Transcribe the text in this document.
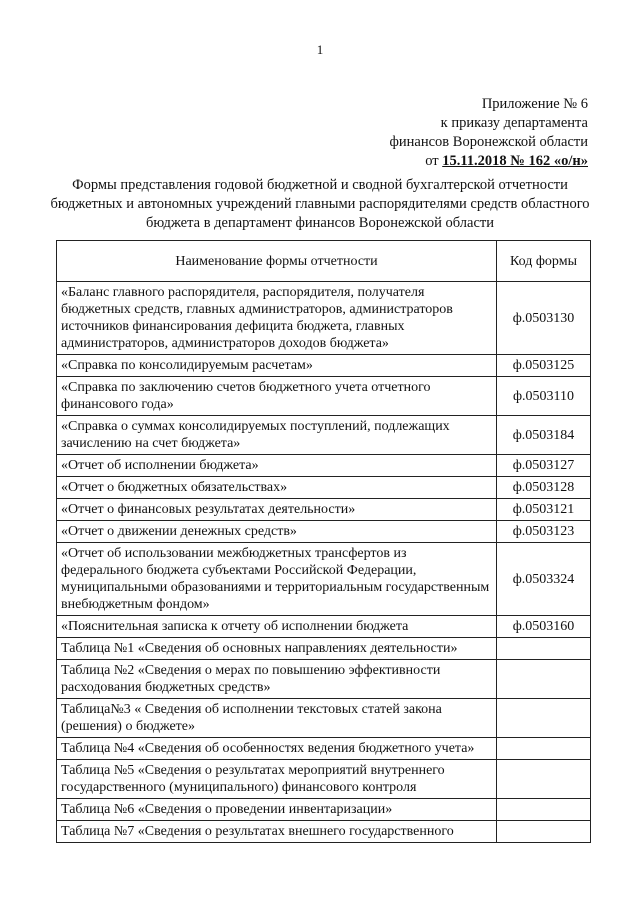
1
Приложение № 6
к приказу департамента
финансов Воронежской области
от 15.11.2018 № 162 «о/н»
Формы представления годовой бюджетной и сводной бухгалтерской отчетности бюджетных и автономных учреждений главными распорядителями средств областного бюджета в департамент финансов Воронежской области
Наименование формы отчетности	Код формы
«Баланс главного распорядителя, распорядителя, получателя бюджетных средств, главных администраторов, администраторов источников финансирования дефицита бюджета, главных администраторов, администраторов доходов бюджета»	ф.0503130
«Справка по консолидируемым расчетам»	ф.0503125
«Справка по заключению счетов бюджетного учета отчетного финансового года»	ф.0503110
«Справка о суммах консолидируемых поступлений, подлежащих зачислению на счет бюджета»	ф.0503184
«Отчет об исполнении бюджета»	ф.0503127
«Отчет о бюджетных обязательствах»	ф.0503128
«Отчет о финансовых результатах деятельности»	ф.0503121
«Отчет о движении денежных средств»	ф.0503123
«Отчет об использовании межбюджетных трансфертов из федерального бюджета субъектами Российской Федерации, муниципальными образованиями и территориальным государственным внебюджетным фондом»	ф.0503324
«Пояснительная записка к отчету об исполнении бюджета	ф.0503160
Таблица №1 «Сведения об основных направлениях деятельности»	
Таблица №2 «Сведения о мерах по повышению эффективности расходования бюджетных средств»	
Таблица№3 « Сведения об исполнении текстовых статей закона (решения) о бюджете»	
Таблица №4 «Сведения об особенностях ведения бюджетного учета»	
Таблица №5 «Сведения о результатах мероприятий внутреннего государственного (муниципального) финансового контроля	
Таблица №6 «Сведения о проведении инвентаризации»	
Таблица №7 «Сведения о результатах внешнего государственного	
